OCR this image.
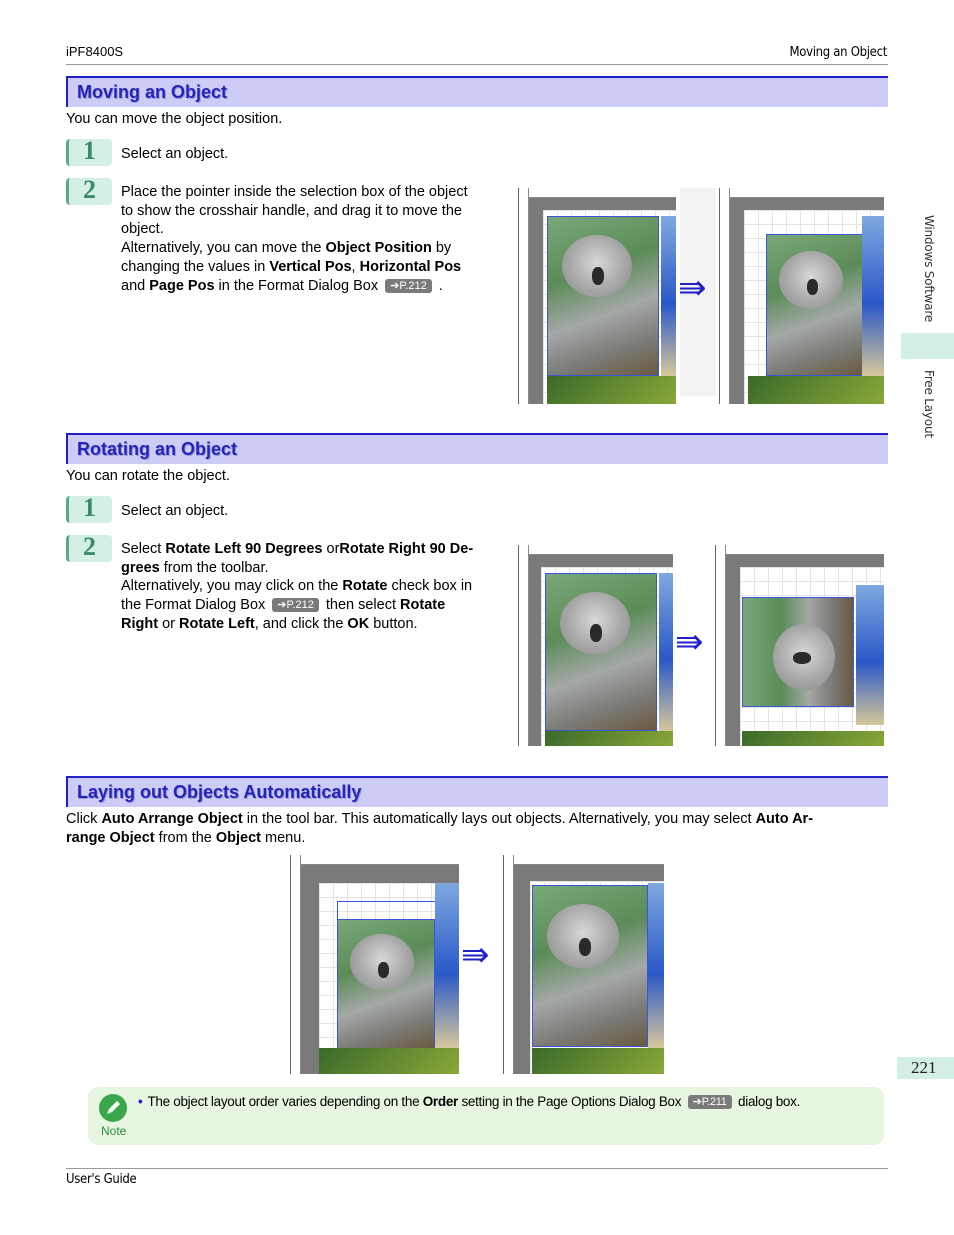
iPF8400S	Moving an Object
Windows Software
Free Layout
Moving an Object
You can move the object position.
1 Select an object.
2 Place the pointer inside the selection box of the object
to show the crosshair handle, and drag it to move the
object.
Alternatively, you can move the Object Position by
changing the values in Vertical Pos, Horizontal Pos
and Page Pos in the Format Dialog Box ➔P.212 .	⇛
Rotating an Object
You can rotate the object.
1 Select an object.
2 Select Rotate Left 90 Degrees orRotate Right 90 De-
grees from the toolbar.
Alternatively, you may click on the Rotate check box in
the Format Dialog Box ➔P.212 then select Rotate
Right or Rotate Left, and click the OK button.	⇛
Laying out Objects Automatically
Click Auto Arrange Object in the tool bar. This automatically lays out objects. Alternatively, you may select Auto Ar-
range Object from the Object menu.
⇛
221
Note
• The object layout order varies depending on the Order setting in the Page Options Dialog Box ➔P.211 dialog box.
User's Guide
